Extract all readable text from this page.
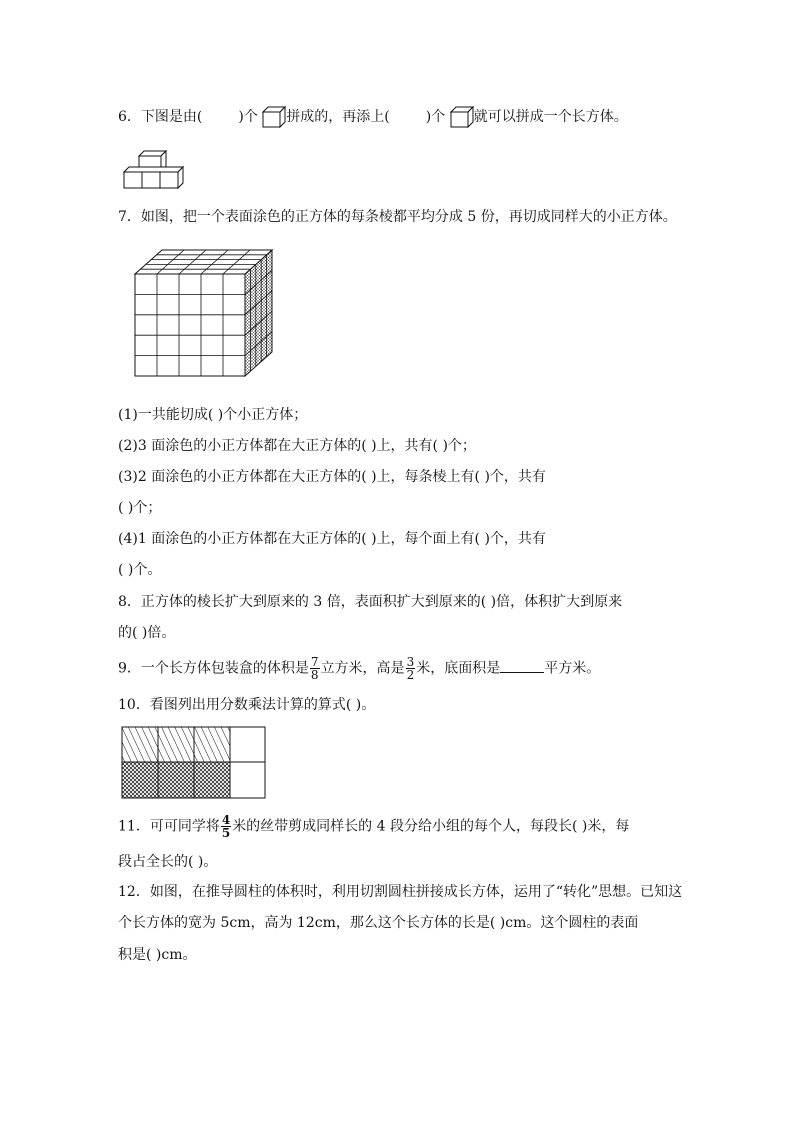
6．下图是由(	)个 拼成的，再添上(	)个 就可以拼成一个长方体。
7．如图，把一个表面涂色的正方体的每条棱都平均分成 5 份，再切成同样大的小正方体。
(1)一共能切成( )个小正方体；
(2)3 面涂色的小正方体都在大正方体的( )上，共有( )个；
(3)2 面涂色的小正方体都在大正方体的( )上，每条棱上有( )个，共有
( )个；
(4)1 面涂色的小正方体都在大正方体的( )上，每个面上有( )个，共有
( )个。
8．正方体的棱长扩大到原来的 3 倍，表面积扩大到原来的( )倍，体积扩大到原来
的( )倍。
9．一个长方体包装盒的体积是 $\frac{7}{8}$ 立方米，高是 $\frac{3}{2}$ 米，底面积是	平方米。
10．看图列出用分数乘法计算的算式( )。
11．可可同学将 $\frac{4}{5}$ 米的丝带剪成同样长的 4 段分给小组的每个人，每段长( )米，每
段占全长的( )。
12．如图，在推导圆柱的体积时，利用切割圆柱拼接成长方体，运用了“转化”思想。已知这
个长方体的宽为 5cm，高为 12cm，那么这个长方体的长是( )cm。这个圆柱的表面
积是( )cm。
